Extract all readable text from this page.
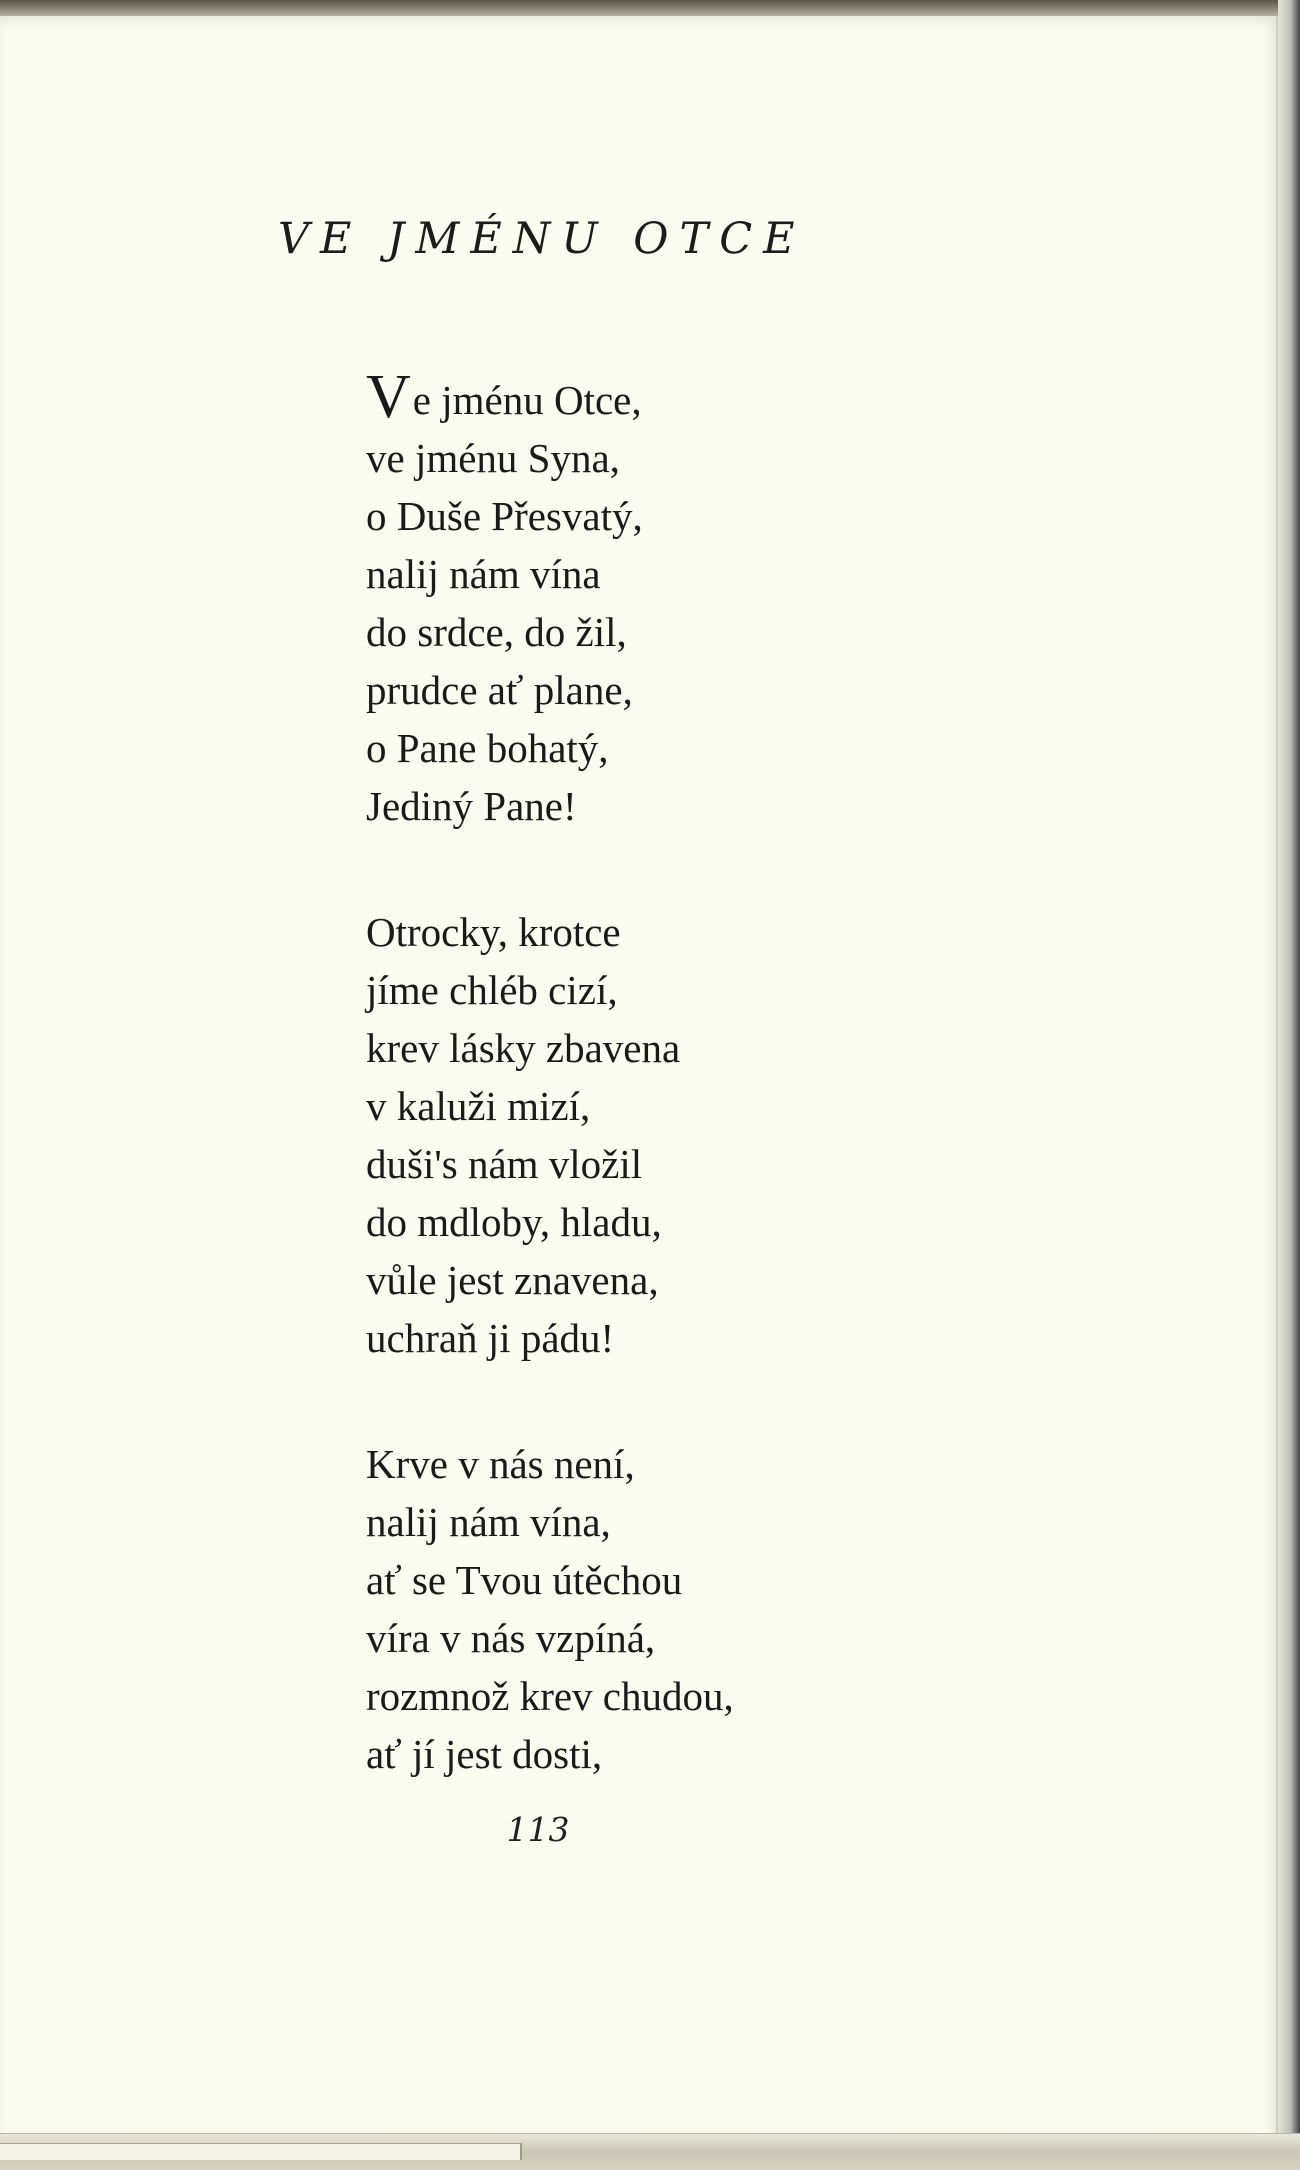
VE JMÉNU OTCE
Ve jménu Otce,
ve jménu Syna,
o Duše Přesvatý,
nalij nám vína
do srdce, do žil,
prudce ať plane,
o Pane bohatý,
Jediný Pane!
Otrocky, krotce
jíme chléb cizí,
krev lásky zbavena
v kaluži mizí,
duši's nám vložil
do mdloby, hladu,
vůle jest znavena,
uchraň ji pádu!
Krve v nás není,
nalij nám vína,
ať se Tvou útěchou
víra v nás vzpíná,
rozmnož krev chudou,
ať jí jest dosti,
113
